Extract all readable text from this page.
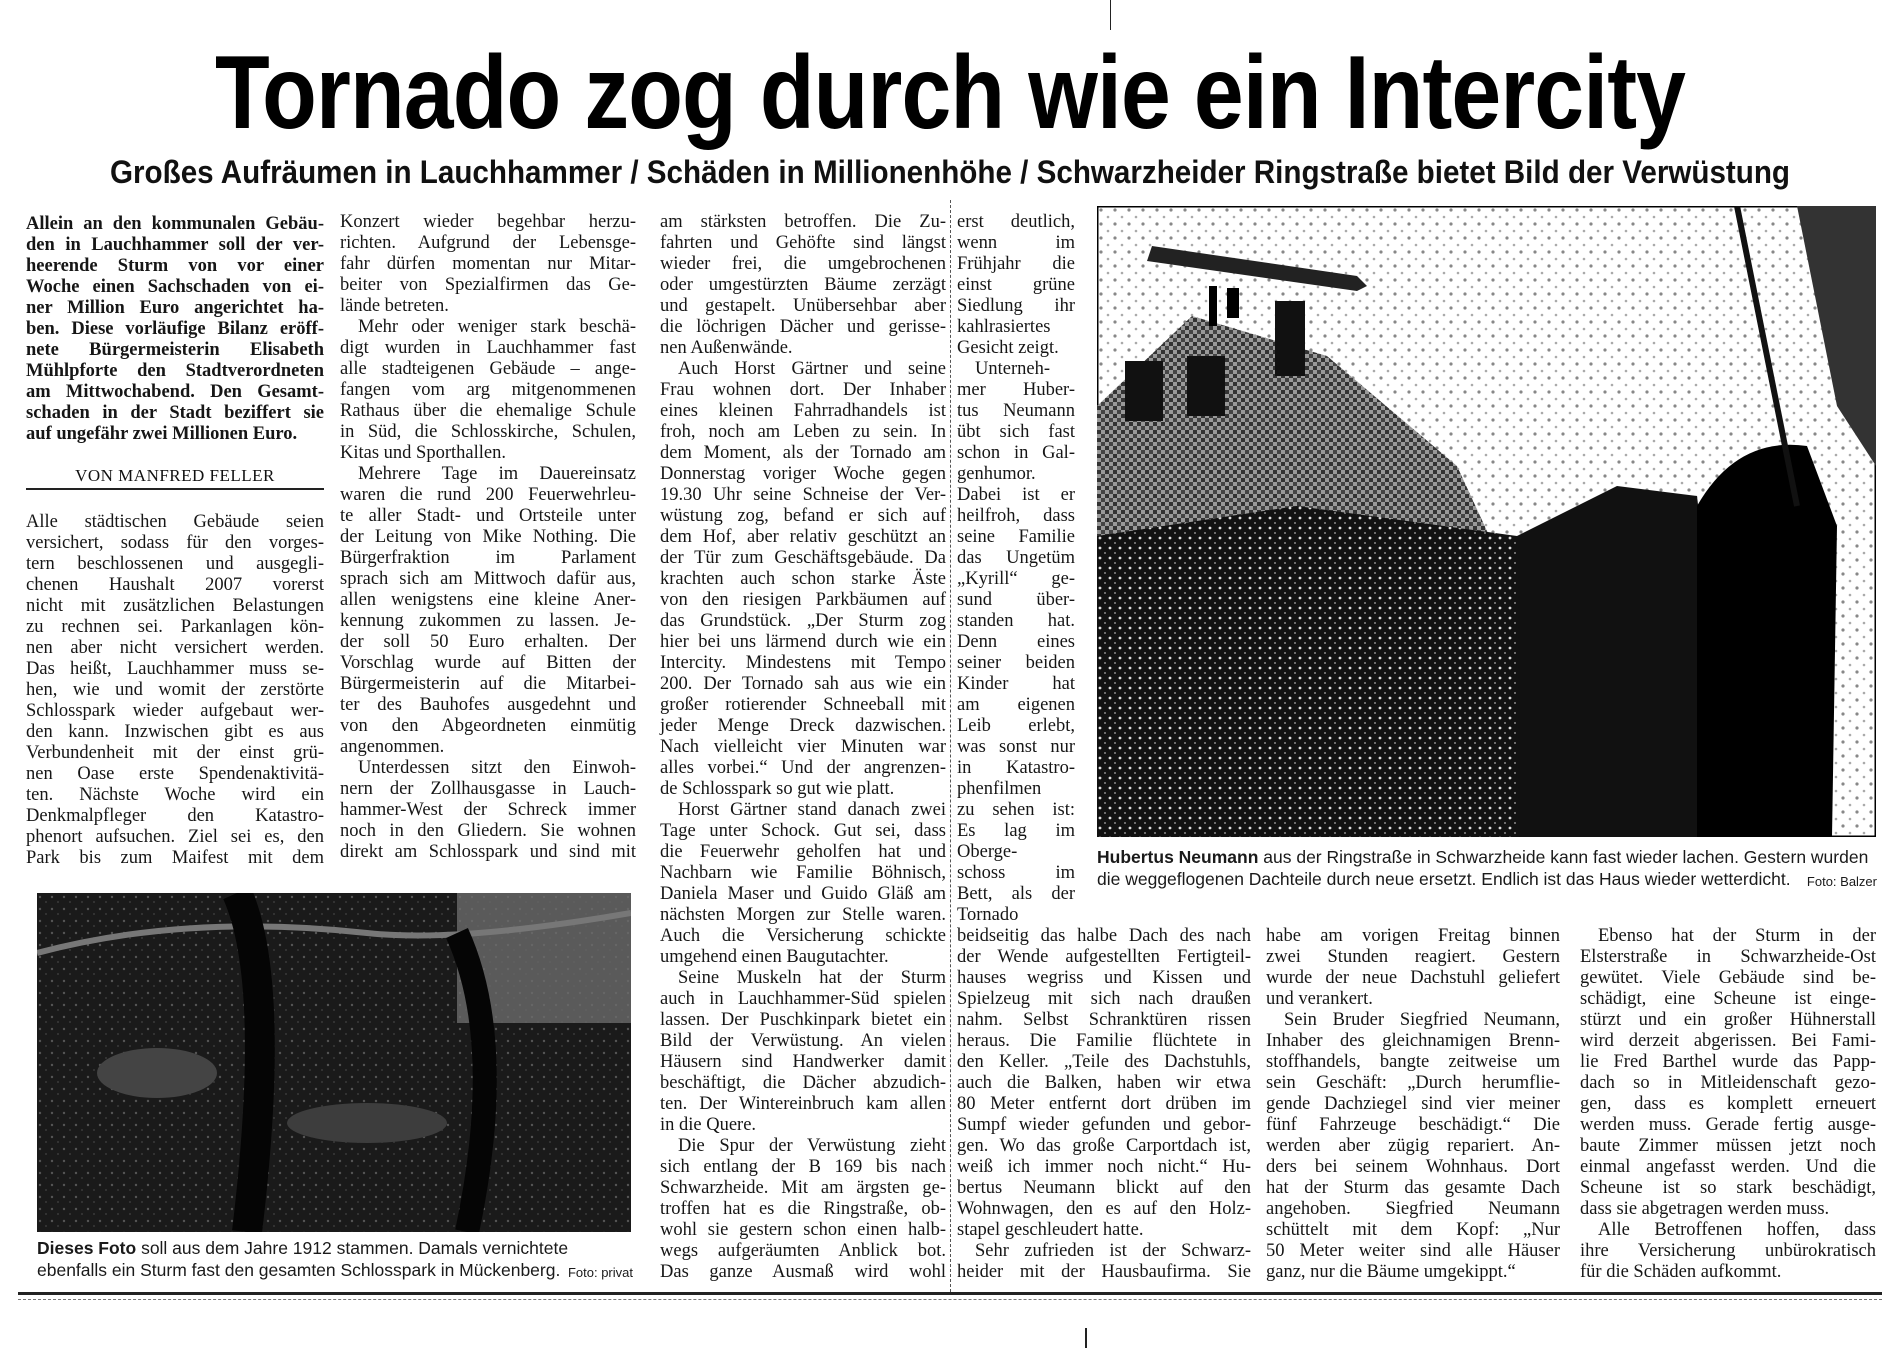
Tornado zog durch wie ein Intercity
Großes Aufräumen in Lauchhammer / Schäden in Millionenhöhe / Schwarzheider Ringstraße bietet Bild der Verwüstung
Allein an den kommunalen Gebäu-
den in Lauchhammer soll der ver-
heerende Sturm von vor einer
Woche einen Sachschaden von ei-
ner Million Euro angerichtet ha-
ben. Diese vorläufige Bilanz eröff-
nete Bürgermeisterin Elisabeth
Mühlpforte den Stadtverordneten
am Mittwochabend. Den Gesamt-
schaden in der Stadt beziffert sie
auf ungefähr zwei Millionen Euro.
VON MANFRED FELLER
Alle städtischen Gebäude seien
versichert, sodass für den vorges-
tern beschlossenen und ausgegli-
chenen Haushalt 2007 vorerst
nicht mit zusätzlichen Belastungen
zu rechnen sei. Parkanlagen kön-
nen aber nicht versichert werden.
Das heißt, Lauchhammer muss se-
hen, wie und womit der zerstörte
Schlosspark wieder aufgebaut wer-
den kann. Inzwischen gibt es aus
Verbundenheit mit der einst grü-
nen Oase erste Spendenaktivitä-
ten. Nächste Woche wird ein
Denkmalpfleger den Katastro-
phenort aufsuchen. Ziel sei es, den
Park bis zum Maifest mit dem
Konzert wieder begehbar herzu-
richten. Aufgrund der Lebensge-
fahr dürfen momentan nur Mitar-
beiter von Spezialfirmen das Ge-
lände betreten.
Mehr oder weniger stark beschä-
digt wurden in Lauchhammer fast
alle stadteigenen Gebäude – ange-
fangen vom arg mitgenommenen
Rathaus über die ehemalige Schule
in Süd, die Schlosskirche, Schulen,
Kitas und Sporthallen.
Mehrere Tage im Dauereinsatz
waren die rund 200 Feuerwehrleu-
te aller Stadt- und Ortsteile unter
der Leitung von Mike Nothing. Die
Bürgerfraktion im Parlament
sprach sich am Mittwoch dafür aus,
allen wenigstens eine kleine Aner-
kennung zukommen zu lassen. Je-
der soll 50 Euro erhalten. Der
Vorschlag wurde auf Bitten der
Bürgermeisterin auf die Mitarbei-
ter des Bauhofes ausgedehnt und
von den Abgeordneten einmütig
angenommen.
Unterdessen sitzt den Einwoh-
nern der Zollhausgasse in Lauch-
hammer-West der Schreck immer
noch in den Gliedern. Sie wohnen
direkt am Schlosspark und sind mit
am stärksten betroffen. Die Zu-
fahrten und Gehöfte sind längst
wieder frei, die umgebrochenen
oder umgestürzten Bäume zerzägt
und gestapelt. Unübersehbar aber
die löchrigen Dächer und gerisse-
nen Außenwände.
Auch Horst Gärtner und seine
Frau wohnen dort. Der Inhaber
eines kleinen Fahrradhandels ist
froh, noch am Leben zu sein. In
dem Moment, als der Tornado am
Donnerstag voriger Woche gegen
19.30 Uhr seine Schneise der Ver-
wüstung zog, befand er sich auf
dem Hof, aber relativ geschützt an
der Tür zum Geschäftsgebäude. Da
krachten auch schon starke Äste
von den riesigen Parkbäumen auf
das Grundstück. „Der Sturm zog
hier bei uns lärmend durch wie ein
Intercity. Mindestens mit Tempo
200. Der Tornado sah aus wie ein
großer rotierender Schneeball mit
jeder Menge Dreck dazwischen.
Nach vielleicht vier Minuten war
alles vorbei.“ Und der angrenzen-
de Schlosspark so gut wie platt.
Horst Gärtner stand danach zwei
Tage unter Schock. Gut sei, dass
die Feuerwehr geholfen hat und
Nachbarn wie Familie Böhnisch,
Daniela Maser und Guido Gläß am
nächsten Morgen zur Stelle waren.
Auch die Versicherung schickte
umgehend einen Baugutachter.
Seine Muskeln hat der Sturm
auch in Lauchhammer-Süd spielen
lassen. Der Puschkinpark bietet ein
Bild der Verwüstung. An vielen
Häusern sind Handwerker damit
beschäftigt, die Dächer abzudich-
ten. Der Wintereinbruch kam allen
in die Quere.
Die Spur der Verwüstung zieht
sich entlang der B 169 bis nach
Schwarzheide. Mit am ärgsten ge-
troffen hat es die Ringstraße, ob-
wohl sie gestern schon einen halb-
wegs aufgeräumten Anblick bot.
Das ganze Ausmaß wird wohl
erst deutlich,
wenn im
Frühjahr die
einst grüne
Siedlung ihr
kahlrasiertes
Gesicht zeigt.
Unterneh-
mer Huber-
tus Neumann
übt sich fast
schon in Gal-
genhumor.
Dabei ist er
heilfroh, dass
seine Familie
das Ungetüm
„Kyrill“ ge-
sund über-
standen hat.
Denn eines
seiner beiden
Kinder hat
am eigenen
Leib erlebt,
was sonst nur
in Katastro-
phenfilmen
zu sehen ist:
Es lag im
Oberge-
schoss im
Bett, als der
Tornado
beidseitig das halbe Dach des nach
der Wende aufgestellten Fertigteil-
hauses wegriss und Kissen und
Spielzeug mit sich nach draußen
nahm. Selbst Schranktüren rissen
heraus. Die Familie flüchtete in
den Keller. „Teile des Dachstuhls,
auch die Balken, haben wir etwa
80 Meter entfernt dort drüben im
Sumpf wieder gefunden und gebor-
gen. Wo das große Carportdach ist,
weiß ich immer noch nicht.“ Hu-
bertus Neumann blickt auf den
Wohnwagen, den es auf den Holz-
stapel geschleudert hatte.
Sehr zufrieden ist der Schwarz-
heider mit der Hausbaufirma. Sie
habe am vorigen Freitag binnen
zwei Stunden reagiert. Gestern
wurde der neue Dachstuhl geliefert
und verankert.
Sein Bruder Siegfried Neumann,
Inhaber des gleichnamigen Brenn-
stoffhandels, bangte zeitweise um
sein Geschäft: „Durch herumflie-
gende Dachziegel sind vier meiner
fünf Fahrzeuge beschädigt.“ Die
werden aber zügig repariert. An-
ders bei seinem Wohnhaus. Dort
hat der Sturm das gesamte Dach
angehoben. Siegfried Neumann
schüttelt mit dem Kopf: „Nur
50 Meter weiter sind alle Häuser
ganz, nur die Bäume umgekippt.“
Ebenso hat der Sturm in der
Elsterstraße in Schwarzheide-Ost
gewütet. Viele Gebäude sind be-
schädigt, eine Scheune ist einge-
stürzt und ein großer Hühnerstall
wird derzeit abgerissen. Bei Fami-
lie Fred Barthel wurde das Papp-
dach so in Mitleidenschaft gezo-
gen, dass es komplett erneuert
werden muss. Gerade fertig ausge-
baute Zimmer müssen jetzt noch
einmal angefasst werden. Und die
Scheune ist so stark beschädigt,
dass sie abgetragen werden muss.
Alle Betroffenen hoffen, dass
ihre Versicherung unbürokratisch
für die Schäden aufkommt.
Hubertus Neumann aus der Ringstraße in Schwarzheide kann fast wieder lachen. Gestern wurden die weggeflogenen Dachteile durch neue ersetzt. Endlich ist das Haus wieder wetterdicht. Foto: Balzer
Dieses Foto soll aus dem Jahre 1912 stammen. Damals vernichtete ebenfalls ein Sturm fast den gesamten Schlosspark in Mückenberg. Foto: privat
